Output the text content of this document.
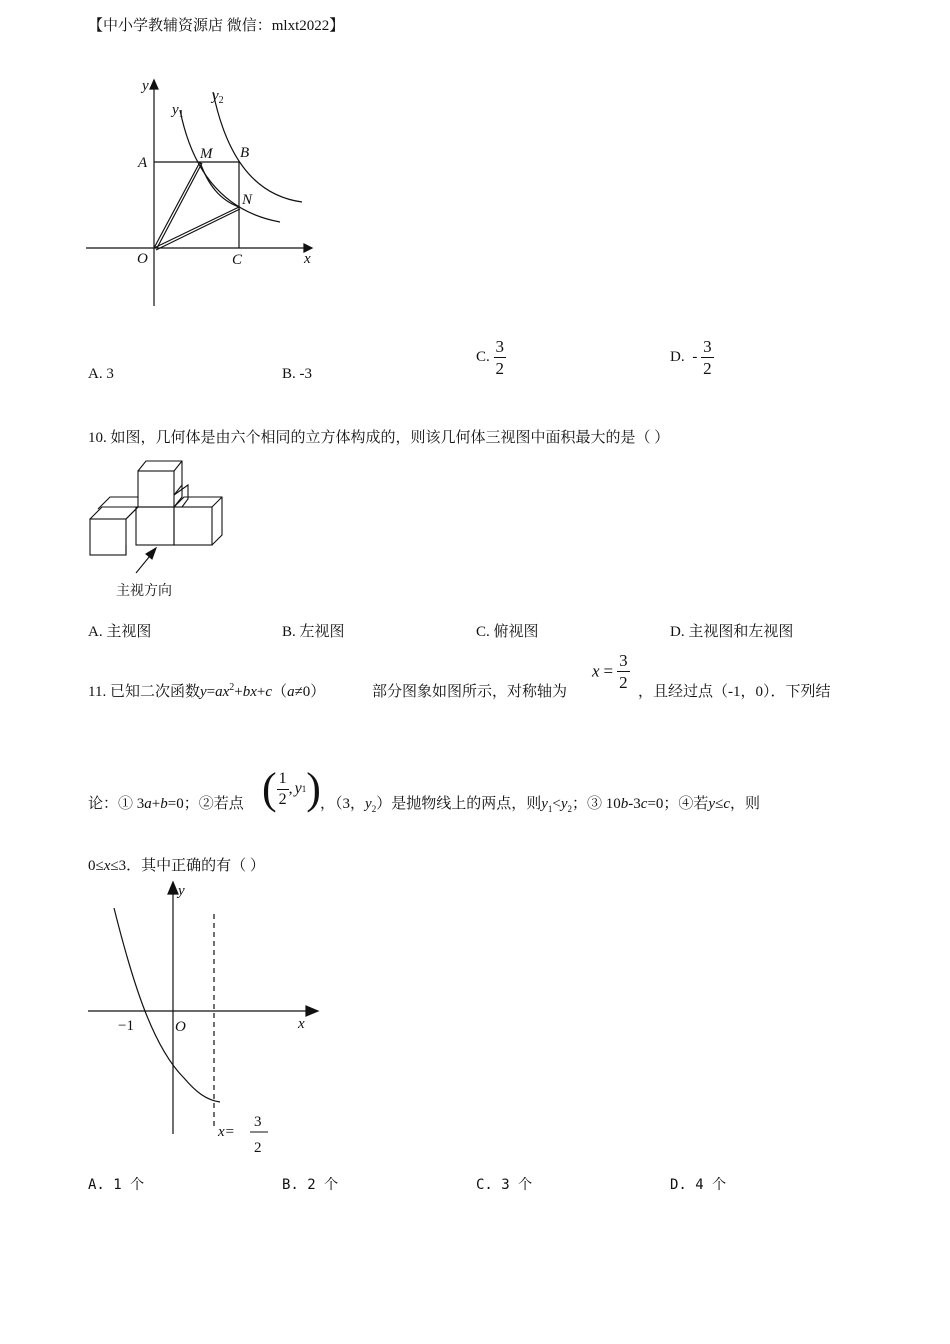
【中小学教辅资源店 微信：mlxt2022】
y
$y_1$
$y_2$
A
M B
N
O	C	x
A. 3	B. -3
C. $\frac{3}{2}$	D. - $\frac{3}{2}$
10. 如图，几何体是由六个相同的立方体构成的，则该几何体三视图中面积最大的是（ ）
主视方向
A. 主视图	B. 左视图	C. 俯视图	D. 主视图和左视图
11. 已知二次函数$y=ax^2+bx+c(a\ne 0)$	部分图象如图所示，对称轴为
$x = \frac{3}{2}$
，且经过点（-1，0）．下列结
论：① 3a+b=0；②若点 ( $\frac{1}{2}$ , y 1 ) ，（3，$y_2$）是抛物线上的两点，则$y_1<y_2$；③ 10b-3c=0；④若y≤c，则
0≤x≤3．其中正确的有（ ）
y
−1	O	x
x=
3
2
A. 1 个	B. 2 个	C. 3 个	D. 4 个
